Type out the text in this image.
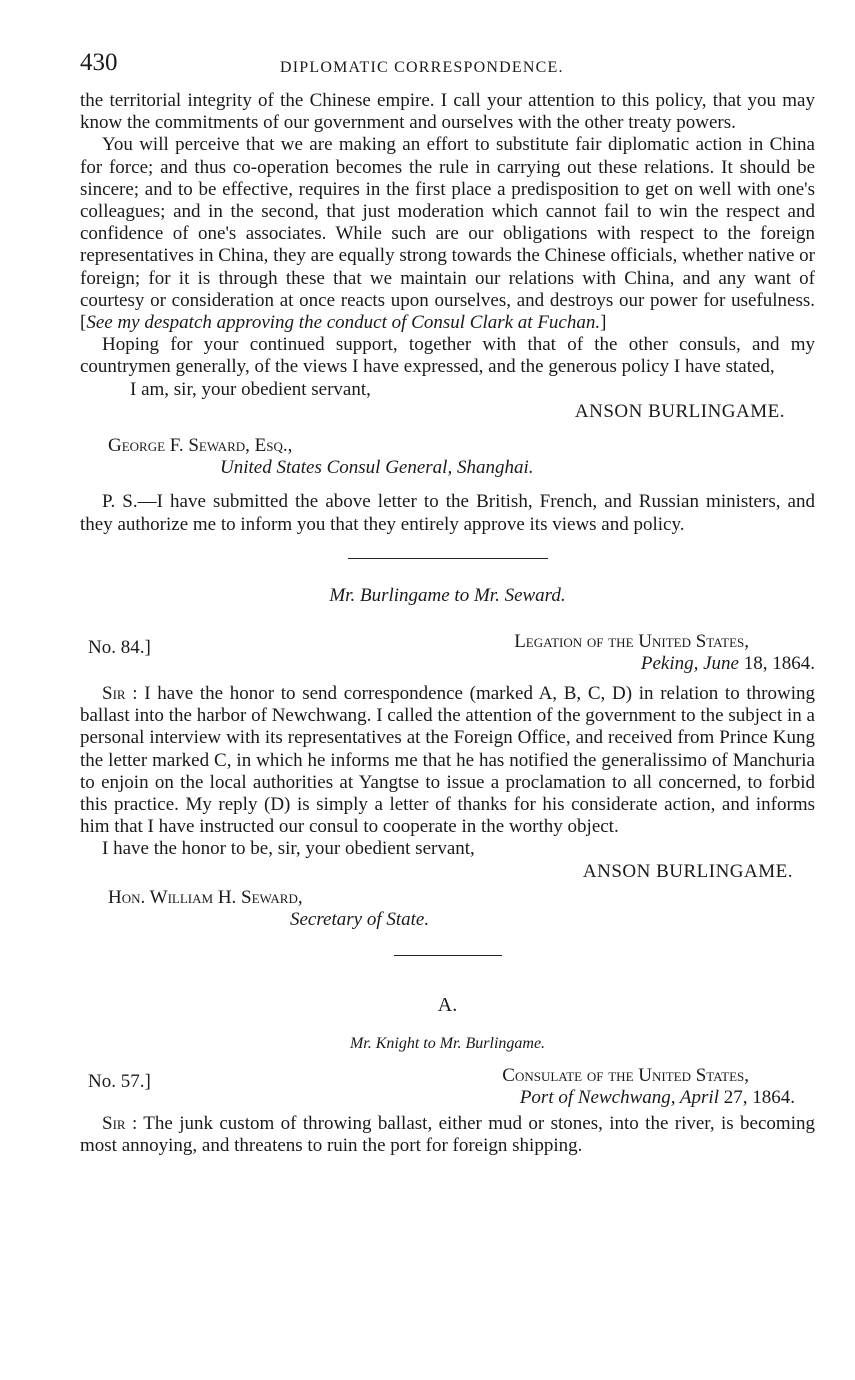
430	DIPLOMATIC CORRESPONDENCE.

the territorial integrity of the Chinese empire. I call your attention to this policy, that you may know the commitments of our government and ourselves with the other treaty powers.

You will perceive that we are making an effort to substitute fair diplomatic action in China for force; and thus co-operation becomes the rule in carrying out these relations. It should be sincere; and to be effective, requires in the first place a predisposition to get on well with one's colleagues; and in the second, that just moderation which cannot fail to win the respect and confidence of one's associates. While such are our obligations with respect to the foreign representatives in China, they are equally strong towards the Chinese officials, whether native or foreign; for it is through these that we maintain our relations with China, and any want of courtesy or consideration at once reacts upon ourselves, and destroys our power for usefulness. [See my despatch approving the conduct of Consul Clark at Fuchan.]

Hoping for your continued support, together with that of the other consuls, and my countrymen generally, of the views I have expressed, and the generous policy I have stated,

I am, sir, your obedient servant,

ANSON BURLINGAME.

George F. Seward, Esq.,

United States Consul General, Shanghai.

P. S.—I have submitted the above letter to the British, French, and Russian ministers, and they authorize me to inform you that they entirely approve its views and policy.

Mr. Burlingame to Mr. Seward.

No. 84.]	Legation of the United States,
Peking, June 18, 1864.

Sir : I have the honor to send correspondence (marked A, B, C, D) in relation to throwing ballast into the harbor of Newchwang. I called the attention of the government to the subject in a personal interview with its representatives at the Foreign Office, and received from Prince Kung the letter marked C, in which he informs me that he has notified the generalissimo of Manchuria to enjoin on the local authorities at Yangtse to issue a proclamation to all concerned, to forbid this practice. My reply (D) is simply a letter of thanks for his considerate action, and informs him that I have instructed our consul to cooperate in the worthy object.

I have the honor to be, sir, your obedient servant,

ANSON BURLINGAME.

Hon. William H. Seward,

Secretary of State.

A.

Mr. Knight to Mr. Burlingame.

No. 57.]	Consulate of the United States,
Port of Newchwang, April 27, 1864.

Sir : The junk custom of throwing ballast, either mud or stones, into the river, is becoming most annoying, and threatens to ruin the port for foreign shipping.
